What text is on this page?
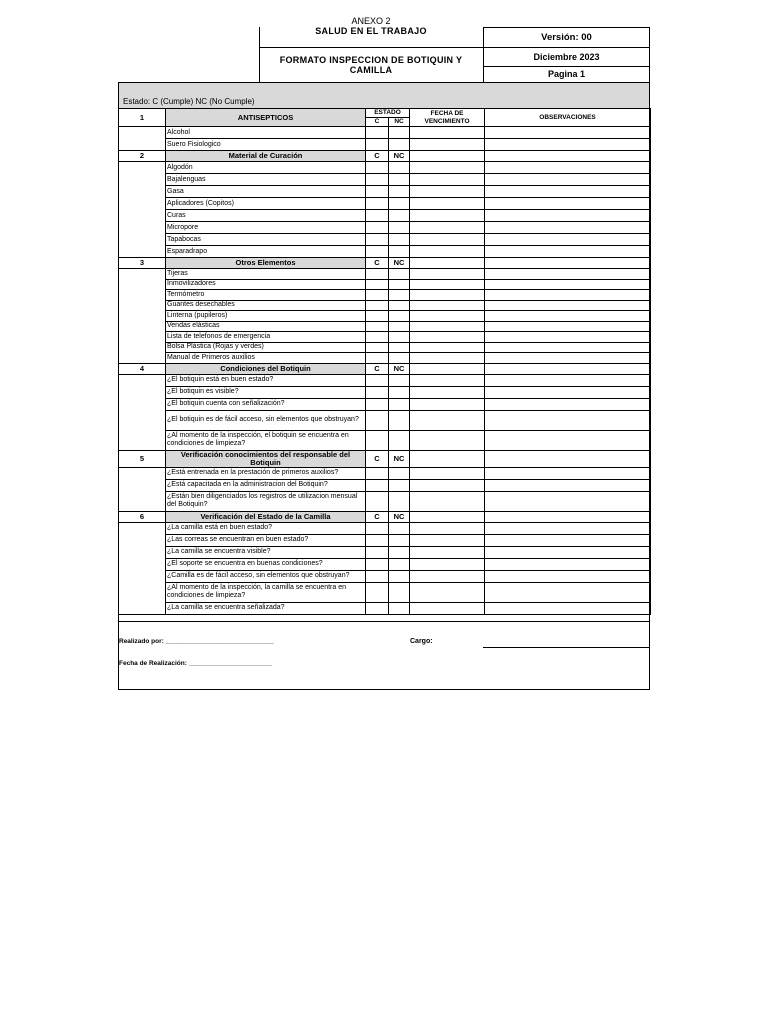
ANEXO 2
SALUD EN EL TRABAJO
FORMATO INSPECCION DE BOTIQUIN Y CAMILLA
Versión: 00
Diciembre 2023
Pagina 1
Estado: C (Cumple) NC (No Cumple)
1	ANTISEPTICOS	ESTADO		FECHA DE VENCIMIENTO	OBSERVACIONES
		C	NC		
	Alcohol				
	Suero Fisiologico				
2	Material de Curación	C	NC		
	Algodón				
	Bajalenguas				
	Gasa				
	Aplicadores (Copitos)				
	Curas				
	Micropore				
	Tapabocas				
	Esparadrapo				
3	Otros Elementos	C	NC		
	Tijeras				
	Inmovilizadores				
	Termómetro				
	Guantes desechables				
	Linterna (pupileros)				
	Vendas elásticas				
	Lista de telefonos de emergencia				
	Bolsa Plástica (Rojas y verdes)				
	Manual de Primeros auxilios				
4	Condiciones del Botiquin	C	NC		
	¿El botiquin está en buen estado?				
	¿El botiquin es visible?				
	¿El botiquin cuenta con señalización?				
	¿El botiquin es de fácil acceso, sin elementos que obstruyan?				
	¿Al momento de la inspección, el botiquin se encuentra en condiciones de limpieza?				
5	Verificación conocimientos del responsable del Botiquin	C	NC		
	¿Está entrenada en la prestación de primeros auxilios?				
	¿Está capacitada en la administracion del Botiquin?				
	¿Están bien diligenciados los registros de utilizacion mensual del Botiquin?				
6	Verificación del Estado de la Camilla	C	NC		
	¿La camilla está en buen estado?				
	¿Las correas se encuentran en buen estado?				
	¿La camilla se encuentra visible?				
	¿El soporte se encuentra en buenas condiciones?				
	¿Camilla es de fácil acceso, sin elementos que obstruyan?				
	¿Al momento de la inspección, la camilla se encuentra en condiciones de limpieza?				
	¿La camilla se encuentra señalizada?				
Realizado por: ______________________________	Cargo:
Fecha de Realización: _______________________
